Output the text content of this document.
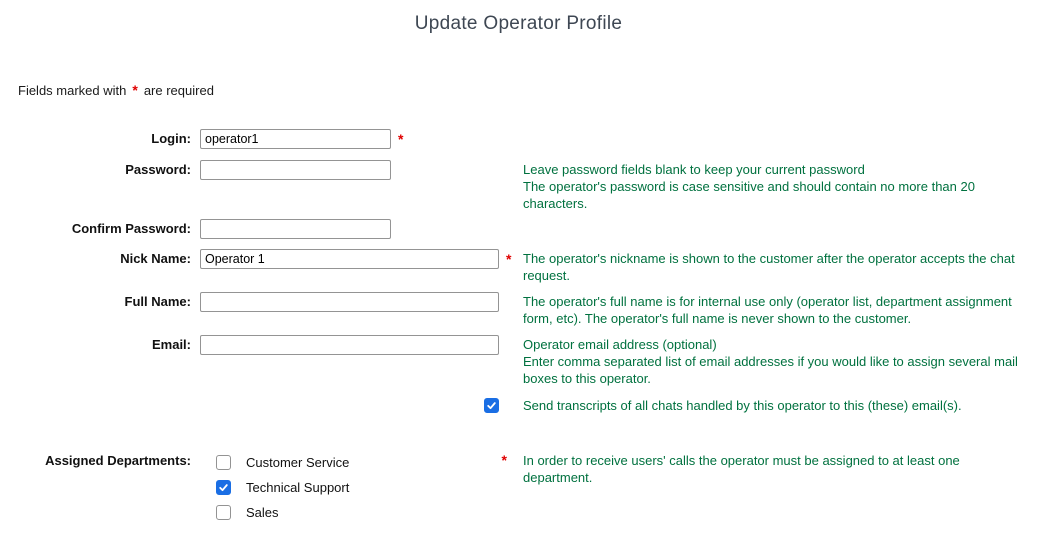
Update Operator Profile
Fields marked with * are required
Login:
operator1	*
Password:	Leave password fields blank to keep your current password
The operator's password is case sensitive and should contain no more than 20 characters.
Confirm Password:
Nick Name:
Operator 1	* The operator's nickname is shown to the customer after the operator accepts the chat request.
Full Name:	The operator's full name is for internal use only (operator list, department assignment form, etc). The operator's full name is never shown to the customer.
Email:	Operator email address (optional)
Enter comma separated list of email addresses if you would like to assign several mail boxes to this operator.
Send transcripts of all chats handled by this operator to this (these) email(s).
Assigned Departments:	Customer Service
Technical Support
Sales
* In order to receive users' calls the operator must be assigned to at least one department.
